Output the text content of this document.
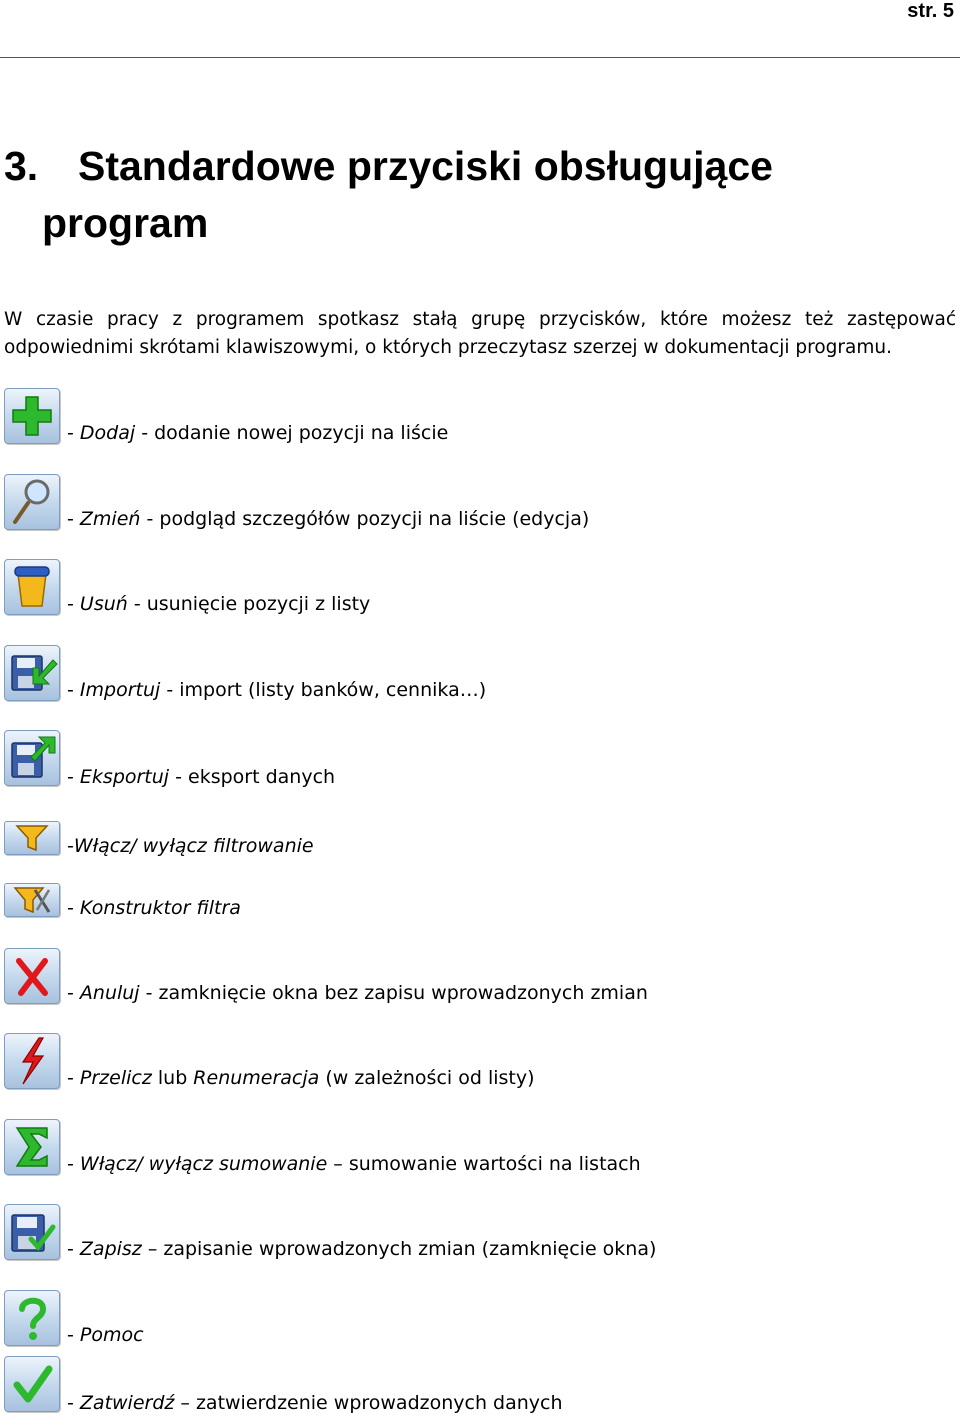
str. 5
3. Standardowe przyciski obsługujące
program
W czasie pracy z programem spotkasz stałą grupę przycisków, które możesz też zastępować odpowiednimi skrótami klawiszowymi, o których przeczytasz szerzej w dokumentacji programu.
- Dodaj - dodanie nowej pozycji na liście
- Zmień - podgląd szczegółów pozycji na liście (edycja)
- Usuń - usunięcie pozycji z listy
- Importuj - import (listy banków, cennika…)
- Eksportuj - eksport danych
-Włącz/ wyłącz filtrowanie
- Konstruktor filtra
- Anuluj - zamknięcie okna bez zapisu wprowadzonych zmian
- Przelicz lub Renumeracja (w zależności od listy)
- Włącz/ wyłącz sumowanie – sumowanie wartości na listach
- Zapisz – zapisanie wprowadzonych zmian (zamknięcie okna)
- Pomoc
- Zatwierdź – zatwierdzenie wprowadzonych danych
